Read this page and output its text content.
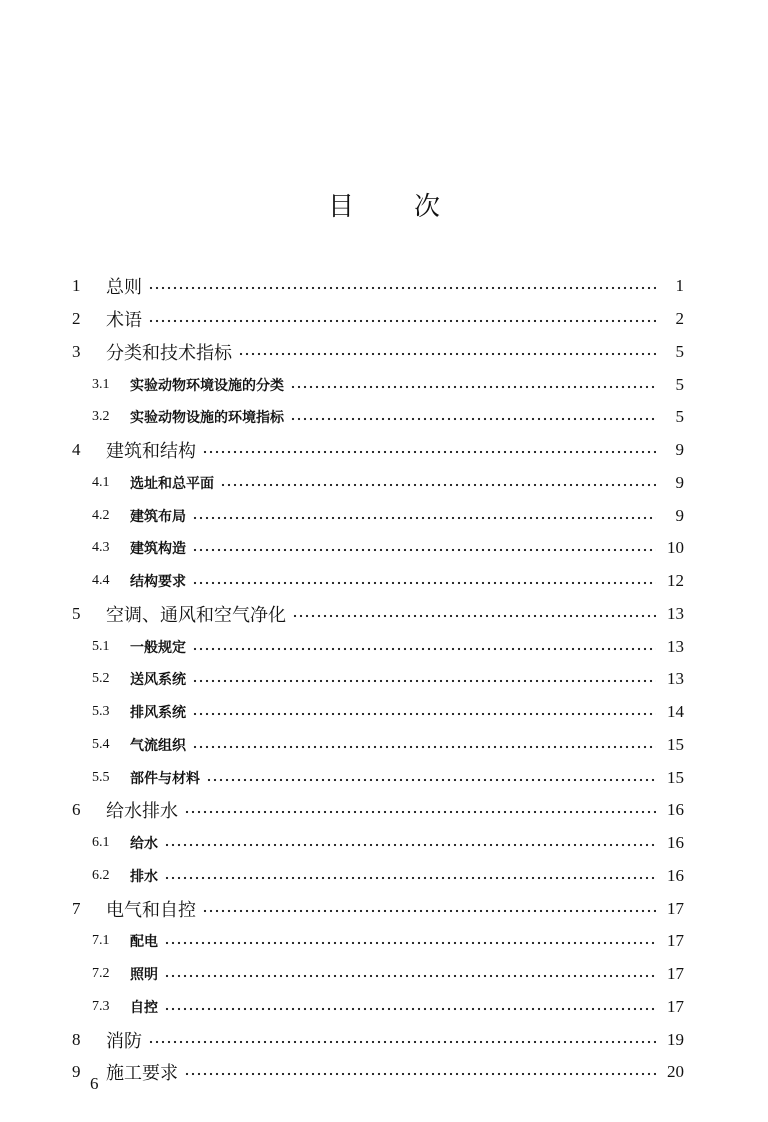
目 次
1	总则	1
2	术语	2
3	分类和技术指标	5
3.1	实验动物环境设施的分类	5
3.2	实验动物设施的环境指标	5
4	建筑和结构	9
4.1	选址和总平面	9
4.2	建筑布局	9
4.3	建筑构造	10
4.4	结构要求	12
5	空调、通风和空气净化	13
5.1	一般规定	13
5.2	送风系统	13
5.3	排风系统	14
5.4	气流组织	15
5.5	部件与材料	15
6	给水排水	16
6.1	给水	16
6.2	排水	16
7	电气和自控	17
7.1	配电	17
7.2	照明	17
7.3	自控	17
8	消防	19
9	施工要求	20
6
